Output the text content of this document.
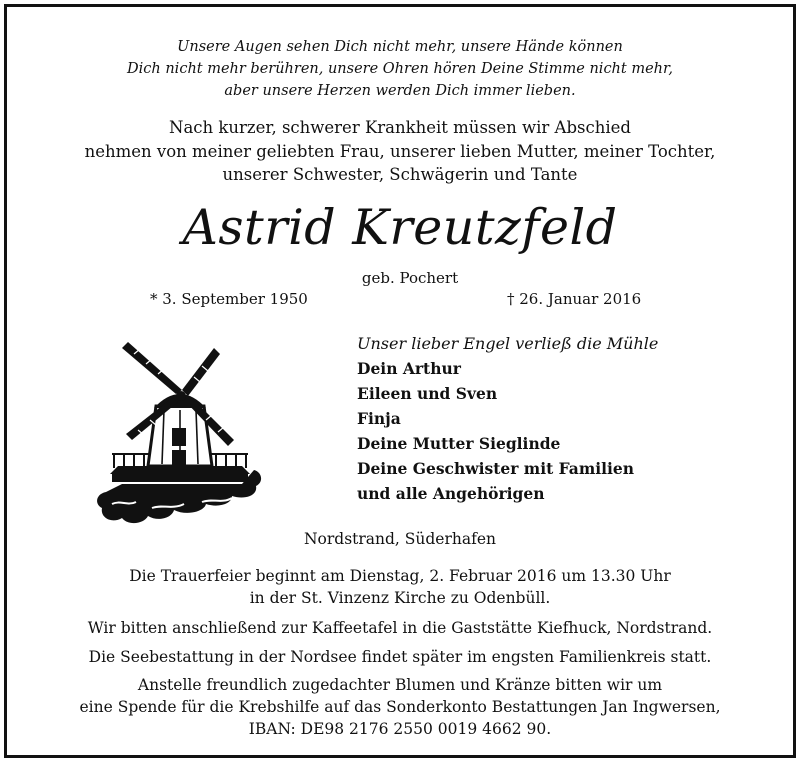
Unsere Augen sehen Dich nicht mehr, unsere Hände können
Dich nicht mehr berühren, unsere Ohren hören Deine Stimme nicht mehr,
aber unsere Herzen werden Dich immer lieben.
Nach kurzer, schwerer Krankheit müssen wir Abschied
nehmen von meiner geliebten Frau, unserer lieben Mutter, meiner Tochter,
unserer Schwester, Schwägerin und Tante
Astrid Kreutzfeld
geb. Pochert
* 3. September 1950	† 26. Januar 2016
Unser lieber Engel verließ die Mühle
Dein Arthur
Eileen und Sven
Finja
Deine Mutter Sieglinde
Deine Geschwister mit Familien
und alle Angehörigen
Nordstrand, Süderhafen
Die Trauerfeier beginnt am Dienstag, 2. Februar 2016 um 13.30 Uhr
in der St. Vinzenz Kirche zu Odenbüll.
Wir bitten anschließend zur Kaffeetafel in die Gaststätte Kiefhuck, Nordstrand.
Die Seebestattung in der Nordsee findet später im engsten Familienkreis statt.
Anstelle freundlich zugedachter Blumen und Kränze bitten wir um
eine Spende für die Krebshilfe auf das Sonderkonto Bestattungen Jan Ingwersen,
IBAN: DE98 2176 2550 0019 4662 90.
